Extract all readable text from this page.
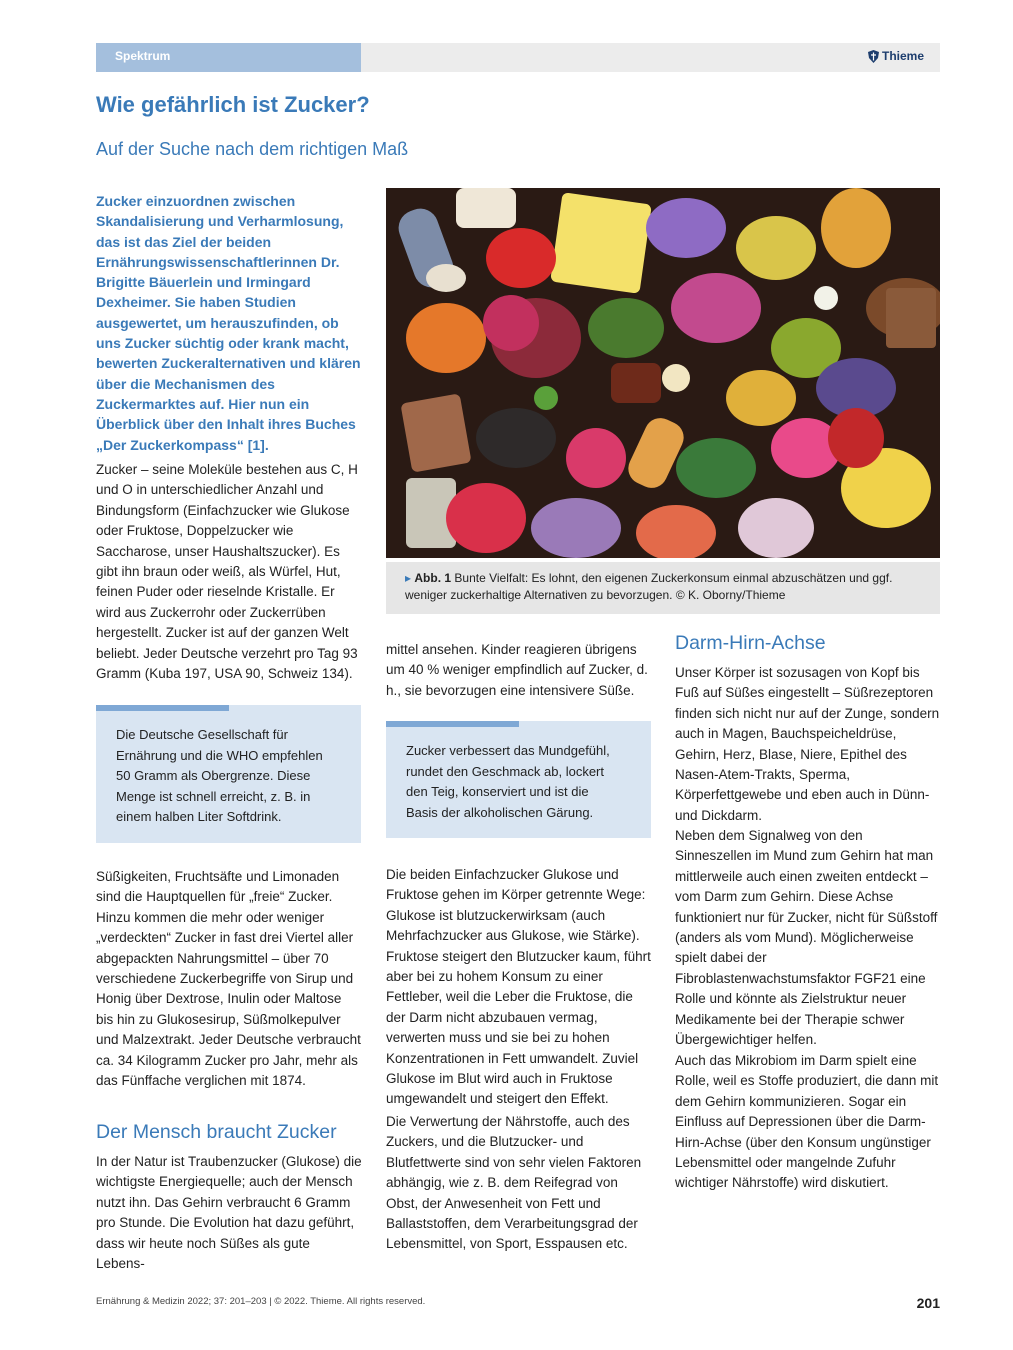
Spektrum	Thieme
Wie gefährlich ist Zucker?
Auf der Suche nach dem richtigen Maß

Zucker einzuordnen zwischen Skandalisierung und Verharmlosung, das ist das Ziel der beiden Ernährungswissenschaftlerinnen Dr. Brigitte Bäuerlein und Irmingard Dexheimer. Sie haben Studien ausgewertet, um herauszufinden, ob uns Zucker süchtig oder krank macht, bewerten Zuckeralternativen und klären über die Mechanismen des Zuckermarktes auf. Hier nun ein Überblick über den Inhalt ihres Buches „Der Zuckerkompass“ [1].

Zucker – seine Moleküle bestehen aus C, H und O in unterschiedlicher Anzahl und Bindungsform (Einfachzucker wie Glukose oder Fruktose, Doppelzucker wie Saccharose, unser Haushaltszucker). Es gibt ihn braun oder weiß, als Würfel, Hut, feinen Puder oder rieselnde Kristalle. Er wird aus Zuckerrohr oder Zuckerrüben hergestellt. Zucker ist auf der ganzen Welt beliebt. Jeder Deutsche verzehrt pro Tag 93 Gramm (Kuba 197, USA 90, Schweiz 134).

Die Deutsche Gesellschaft für Ernährung und die WHO empfehlen 50 Gramm als Obergrenze. Diese Menge ist schnell erreicht, z. B. in einem halben Liter Softdrink.

Süßigkeiten, Fruchtsäfte und Limonaden sind die Hauptquellen für „freie“ Zucker. Hinzu kommen die mehr oder weniger „verdeckten“ Zucker in fast drei Viertel aller abgepackten Nahrungsmittel – über 70 verschiedene Zuckerbegriffe von Sirup und Honig über Dextrose, Inulin oder Maltose bis hin zu Glukosesirup, Süßmolkepulver und Malzextrakt. Jeder Deutsche verbraucht ca. 34 Kilogramm Zucker pro Jahr, mehr als das Fünffache verglichen mit 1874.

Der Mensch braucht Zucker

In der Natur ist Traubenzucker (Glukose) die wichtigste Energiequelle; auch der Mensch nutzt ihn. Das Gehirn verbraucht 6 Gramm pro Stunde. Die Evolution hat dazu geführt, dass wir heute noch Süßes als gute Lebens-

▸ Abb. 1 Bunte Vielfalt: Es lohnt, den eigenen Zuckerkonsum einmal abzuschätzen und ggf. weniger zuckerhaltige Alternativen zu bevorzugen. © K. Oborny/Thieme

mittel ansehen. Kinder reagieren übrigens um 40 % weniger empfindlich auf Zucker, d. h., sie bevorzugen eine intensivere Süße.

Zucker verbessert das Mundgefühl, rundet den Geschmack ab, lockert den Teig, konserviert und ist die Basis der alkoholischen Gärung.

Die beiden Einfachzucker Glukose und Fruktose gehen im Körper getrennte Wege: Glukose ist blutzuckerwirksam (auch Mehrfachzucker aus Glukose, wie Stärke). Fruktose steigert den Blutzucker kaum, führt aber bei zu hohem Konsum zu einer Fettleber, weil die Leber die Fruktose, die der Darm nicht abzubauen vermag, verwerten muss und sie bei zu hohen Konzentrationen in Fett umwandelt. Zuviel Glukose im Blut wird auch in Fruktose umgewandelt und steigert den Effekt.

Die Verwertung der Nährstoffe, auch des Zuckers, und die Blutzucker- und Blutfettwerte sind von sehr vielen Faktoren abhängig, wie z. B. dem Reifegrad von Obst, der Anwesenheit von Fett und Ballaststoffen, dem Verarbeitungsgrad der Lebensmittel, von Sport, Esspausen etc.

Darm-Hirn-Achse

Unser Körper ist sozusagen von Kopf bis Fuß auf Süßes eingestellt – Süßrezeptoren finden sich nicht nur auf der Zunge, sondern auch in Magen, Bauchspeicheldrüse, Gehirn, Herz, Blase, Niere, Epithel des Nasen-Atem-Trakts, Sperma, Körperfettgewebe und eben auch in Dünn- und Dickdarm.

Neben dem Signalweg von den Sinneszellen im Mund zum Gehirn hat man mittlerweile auch einen zweiten entdeckt – vom Darm zum Gehirn. Diese Achse funktioniert nur für Zucker, nicht für Süßstoff (anders als vom Mund). Möglicherweise spielt dabei der Fibroblastenwachstumsfaktor FGF21 eine Rolle und könnte als Zielstruktur neuer Medikamente bei der Therapie schwer Übergewichtiger helfen.

Auch das Mikrobiom im Darm spielt eine Rolle, weil es Stoffe produziert, die dann mit dem Gehirn kommunizieren. Sogar ein Einfluss auf Depressionen über die Darm-Hirn-Achse (über den Konsum ungünstiger Lebensmittel oder mangelnde Zufuhr wichtiger Nährstoffe) wird diskutiert.

Ernährung & Medizin 2022; 37: 201–203 | © 2022. Thieme. All rights reserved.	201
